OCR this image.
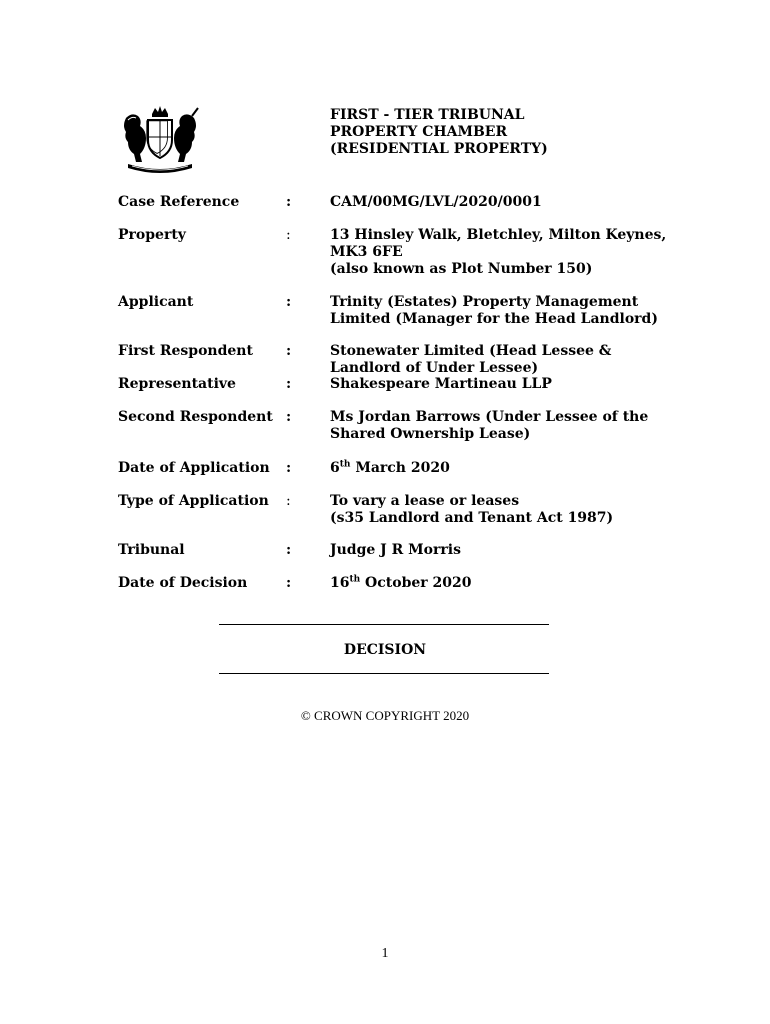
FIRST - TIER TRIBUNAL
PROPERTY CHAMBER
(RESIDENTIAL PROPERTY)
Case Reference	:	CAM/00MG/LVL/2020/0001
Property	:	13 Hinsley Walk, Bletchley, Milton Keynes,
MK3 6FE
(also known as Plot Number 150)
Applicant	:	Trinity (Estates) Property Management
Limited (Manager for the Head Landlord)
First Respondent :	Stonewater Limited (Head Lessee &
Landlord of Under Lessee)
Representative	:	Shakespeare Martineau LLP
Second Respondent :	Ms Jordan Barrows (Under Lessee of the
Shared Ownership Lease)
Date of Application :	6th March 2020
Type of Application :	To vary a lease or leases
(s35 Landlord and Tenant Act 1987)
Tribunal	:	Judge J R Morris
Date of Decision	:	16th October 2020
DECISION
© CROWN COPYRIGHT 2020
1
